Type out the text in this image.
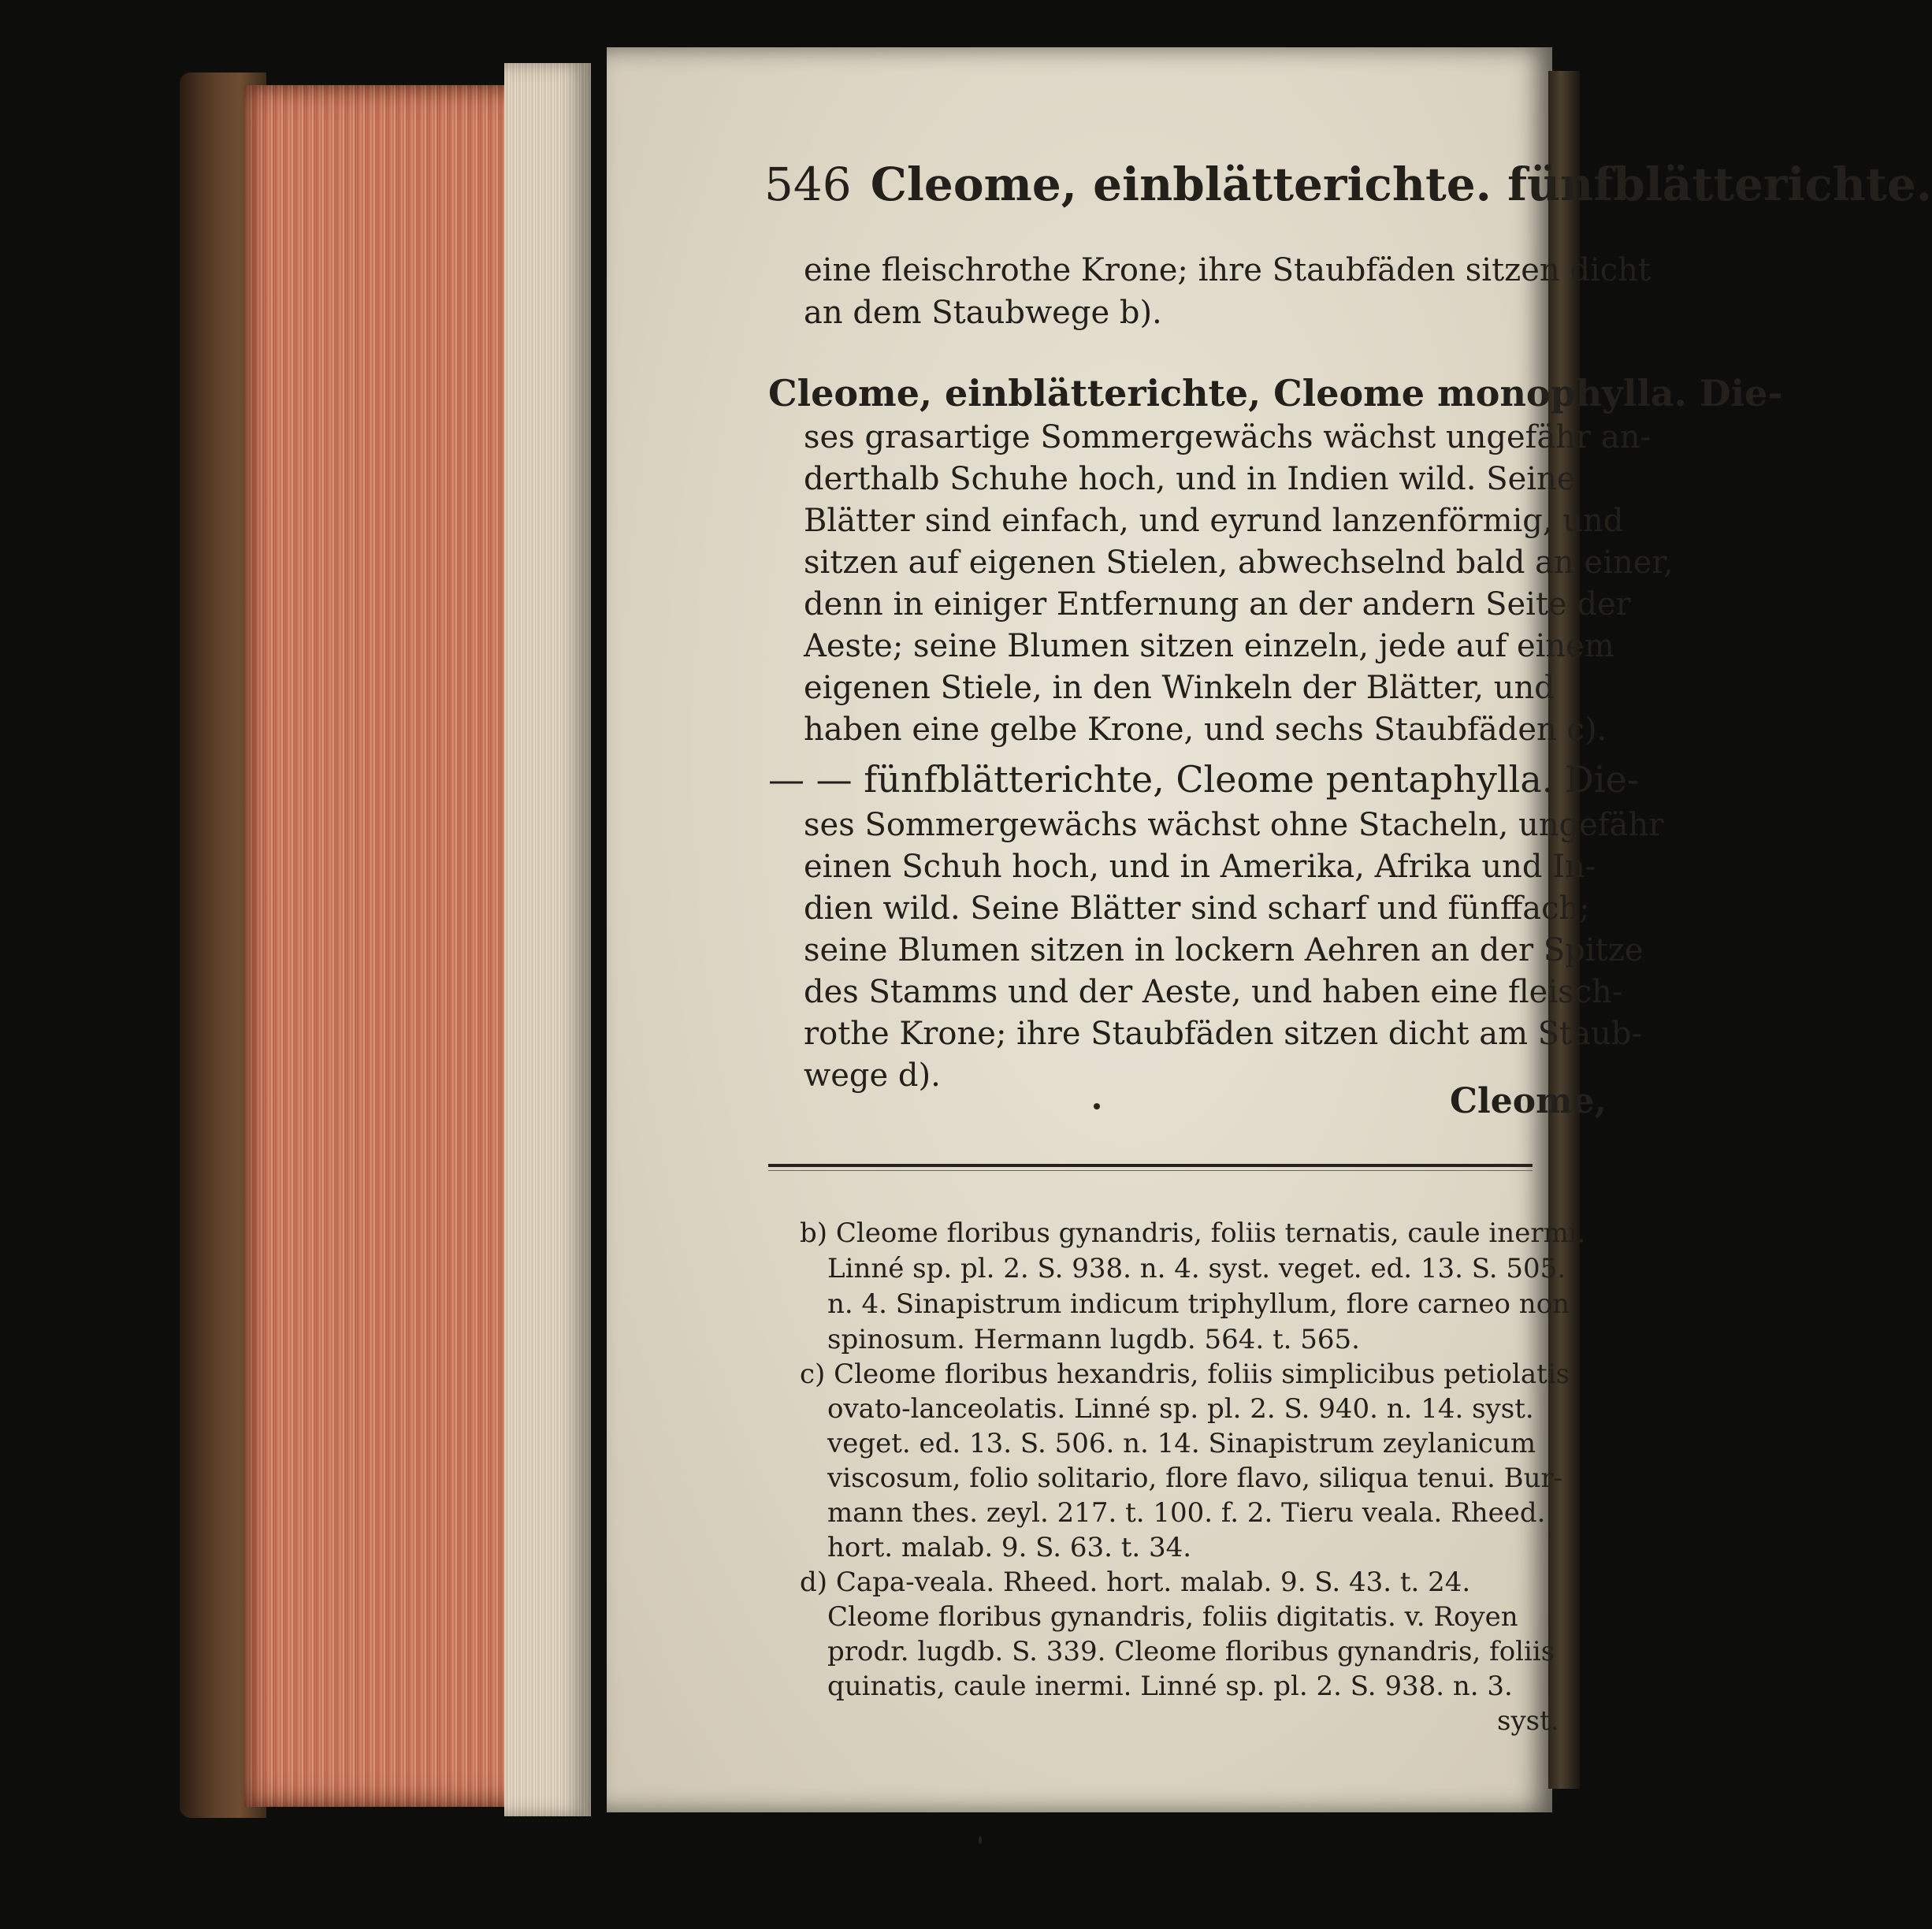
546 Cleome, einblätterichte. fünfblätterichte.
eine fleischrothe Krone; ihre Staubfäden sitzen dicht
an dem Staubwege b).
Cleome, einblätterichte, Cleome monophylla. Die-
ses grasartige Sommergewächs wächst ungefähr an-
derthalb Schuhe hoch, und in Indien wild. Seine
Blätter sind einfach, und eyrund lanzenförmig, und
sitzen auf eigenen Stielen, abwechselnd bald an einer,
denn in einiger Entfernung an der andern Seite der
Aeste; seine Blumen sitzen einzeln, jede auf einem
eigenen Stiele, in den Winkeln der Blätter, und
haben eine gelbe Krone, und sechs Staubfäden c).
— — fünfblätterichte, Cleome pentaphylla. Die-
ses Sommergewächs wächst ohne Stacheln, ungefähr
einen Schuh hoch, und in Amerika, Afrika und In-
dien wild. Seine Blätter sind scharf und fünffach;
seine Blumen sitzen in lockern Aehren an der Spitze
des Stamms und der Aeste, und haben eine fleisch-
rothe Krone; ihre Staubfäden sitzen dicht am Staub-
wege d).
Cleome,
b) Cleome floribus gynandris, foliis ternatis, caule inermi.
Linné sp. pl. 2. S. 938. n. 4. syst. veget. ed. 13. S. 505.
n. 4. Sinapistrum indicum triphyllum, flore carneo non
spinosum. Hermann lugdb. 564. t. 565.
c) Cleome floribus hexandris, foliis simplicibus petiolatis
ovato-lanceolatis. Linné sp. pl. 2. S. 940. n. 14. syst.
veget. ed. 13. S. 506. n. 14. Sinapistrum zeylanicum
viscosum, folio solitario, flore flavo, siliqua tenui. Bur-
mann thes. zeyl. 217. t. 100. f. 2. Tieru veala. Rheed.
hort. malab. 9. S. 63. t. 34.
d) Capa-veala. Rheed. hort. malab. 9. S. 43. t. 24.
Cleome floribus gynandris, foliis digitatis. v. Royen
prodr. lugdb. S. 339. Cleome floribus gynandris, foliis
quinatis, caule inermi. Linné sp. pl. 2. S. 938. n. 3.
syst.
